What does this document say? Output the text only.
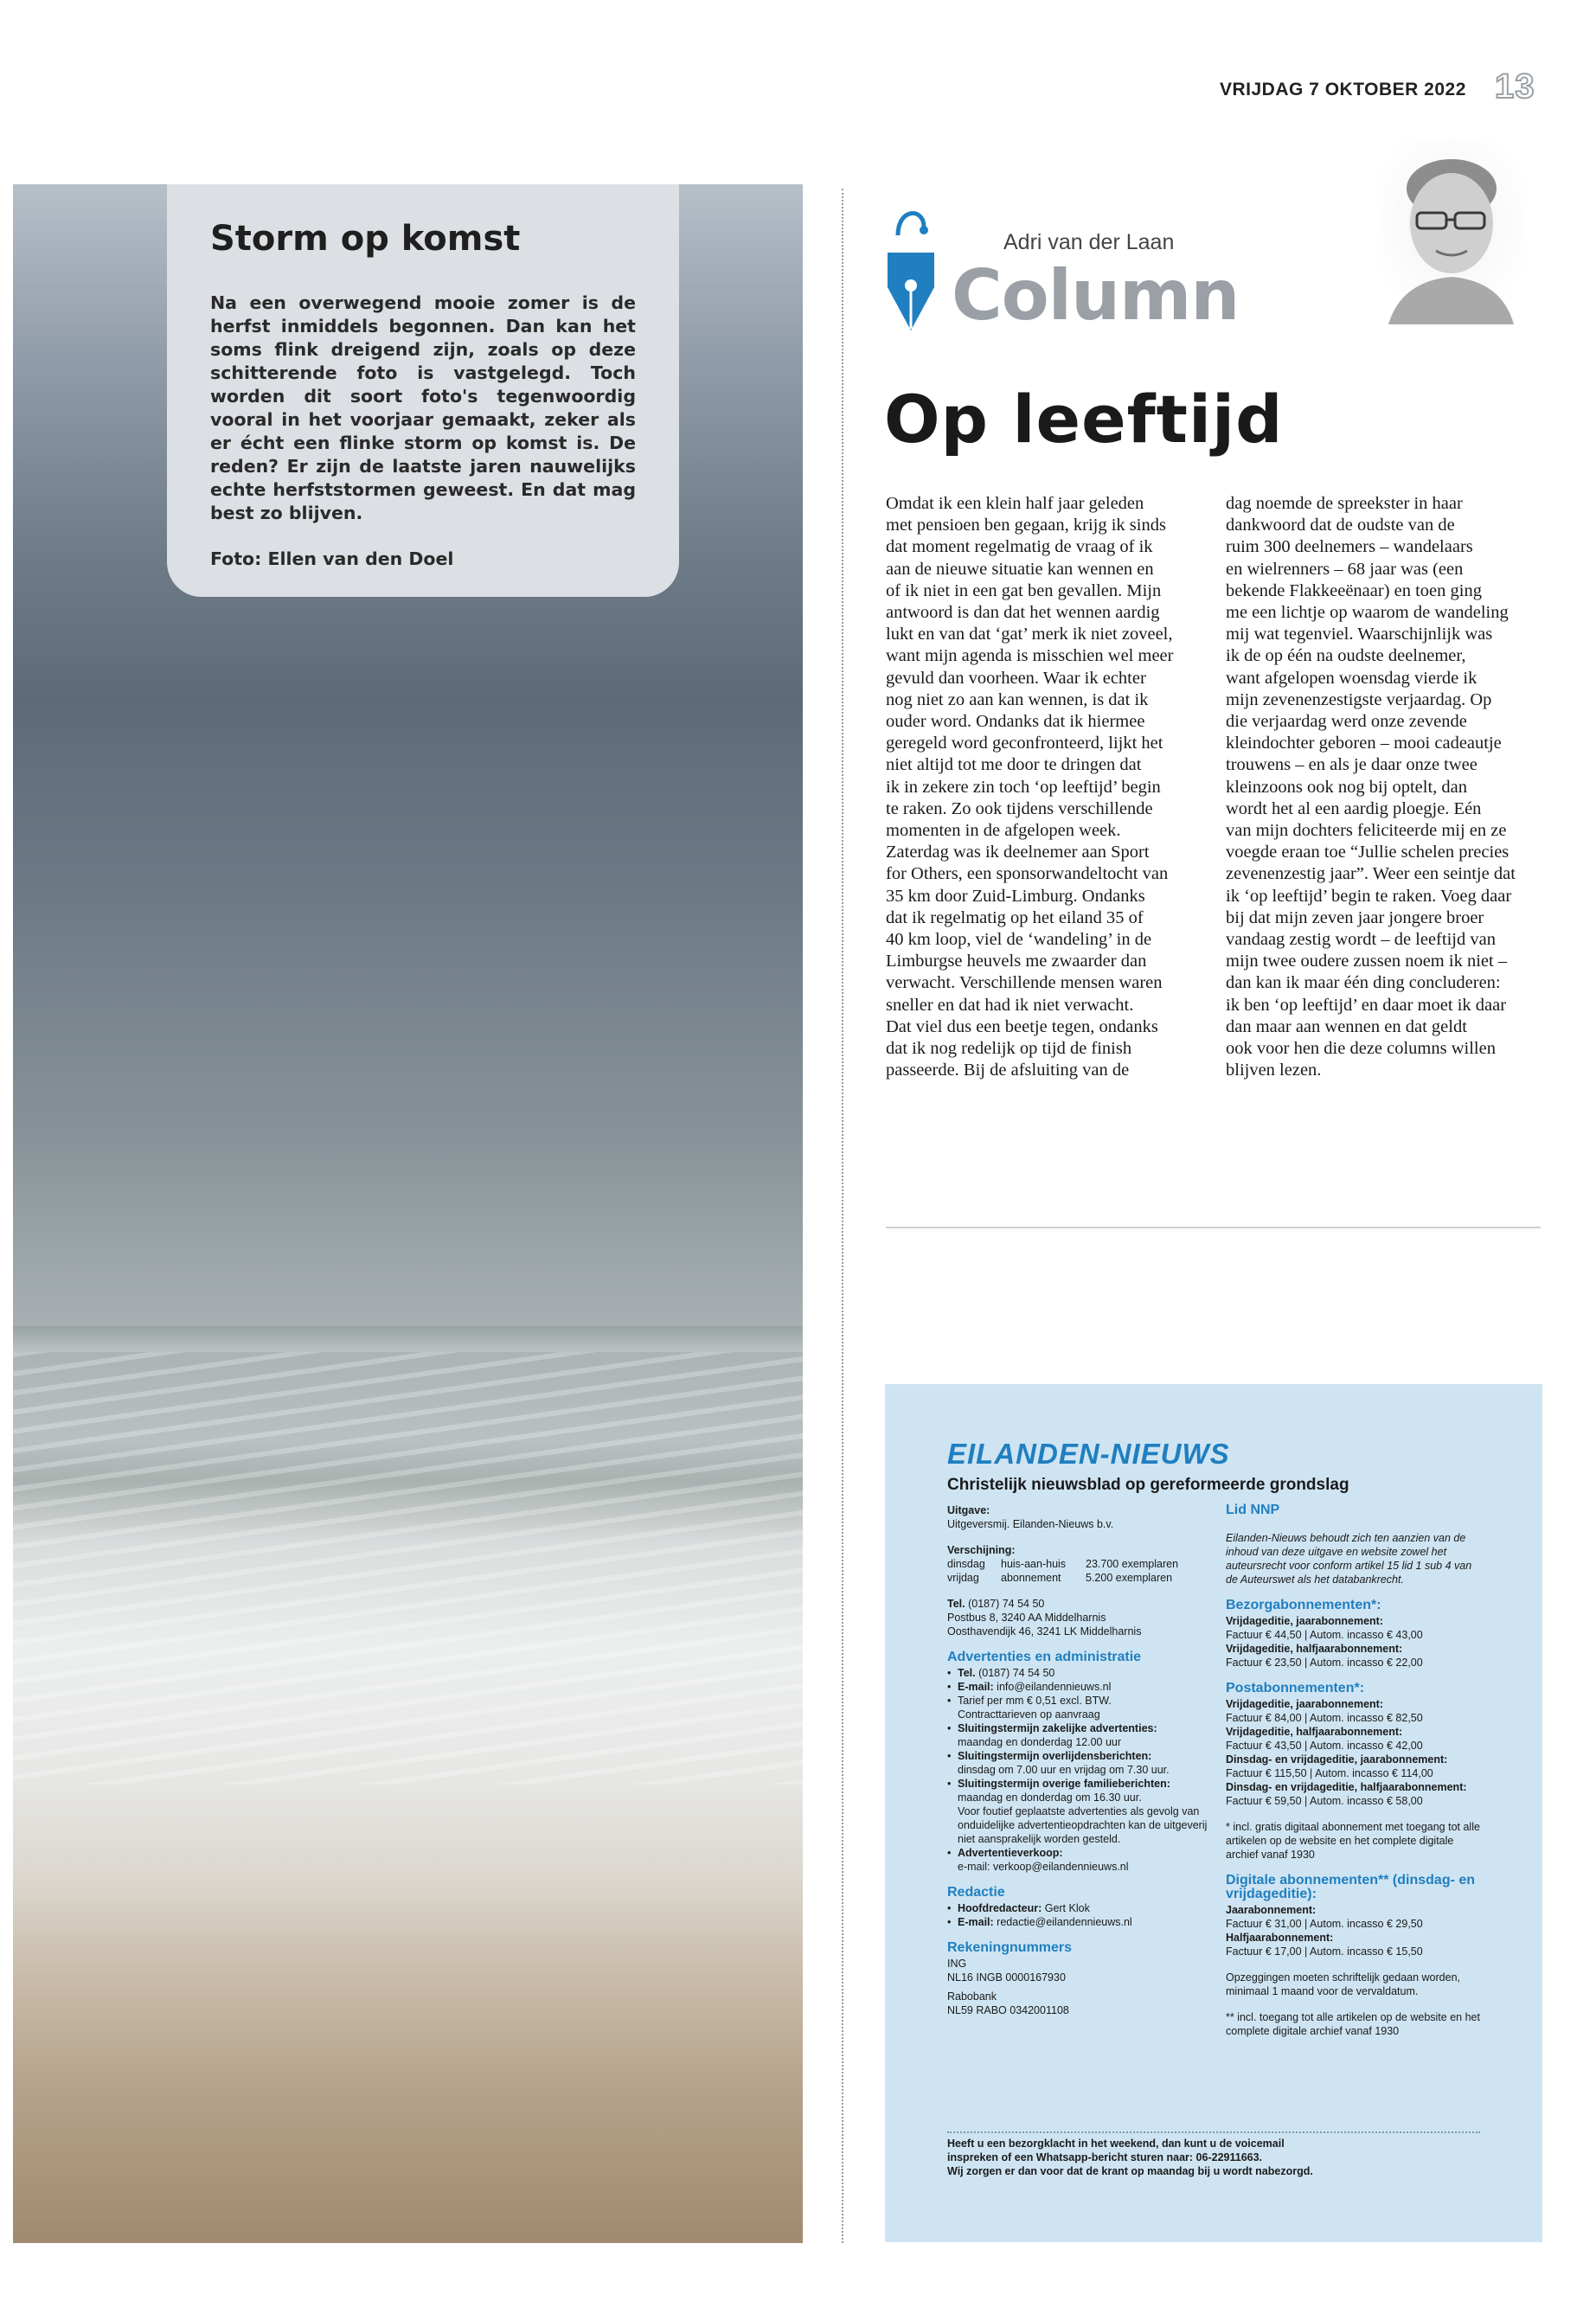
VRIJDAG 7 OKTOBER 2022 13
Storm op komst

Na een overwegend mooie zomer is de herfst inmiddels begonnen. Dan kan het soms flink dreigend zijn, zoals op deze schitterende foto is vastgelegd. Toch worden dit soort foto's tegenwoordig vooral in het voorjaar gemaakt, zeker als er écht een flinke storm op komst is. De reden? Er zijn de laatste jaren nauwelijks echte herfststormen geweest. En dat mag best zo blijven.

Foto: Ellen van den Doel
Adri van der Laan
Column
Op leeftijd

Omdat ik een klein half jaar geleden
met pensioen ben gegaan, krijg ik sinds
dat moment regelmatig de vraag of ik
aan de nieuwe situatie kan wennen en
of ik niet in een gat ben gevallen. Mijn
antwoord is dan dat het wennen aardig
lukt en van dat ‘gat’ merk ik niet zoveel,
want mijn agenda is misschien wel meer
gevuld dan voorheen. Waar ik echter
nog niet zo aan kan wennen, is dat ik
ouder word. Ondanks dat ik hiermee
geregeld word geconfronteerd, lijkt het
niet altijd tot me door te dringen dat
ik in zekere zin toch ‘op leeftijd’ begin
te raken. Zo ook tijdens verschillende
momenten in de afgelopen week.
Zaterdag was ik deelnemer aan Sport
for Others, een sponsorwandeltocht van
35 km door Zuid-Limburg. Ondanks
dat ik regelmatig op het eiland 35 of
40 km loop, viel de ‘wandeling’ in de
Limburgse heuvels me zwaarder dan
verwacht. Verschillende mensen waren
sneller en dat had ik niet verwacht.
Dat viel dus een beetje tegen, ondanks
dat ik nog redelijk op tijd de finish
passeerde. Bij de afsluiting van de

dag noemde de spreekster in haar
dankwoord dat de oudste van de
ruim 300 deelnemers – wandelaars
en wielrenners – 68 jaar was (een
bekende Flakkeeënaar) en toen ging
me een lichtje op waarom de wandeling
mij wat tegenviel. Waarschijnlijk was
ik de op één na oudste deelnemer,
want afgelopen woensdag vierde ik
mijn zevenenzestigste verjaardag. Op
die verjaardag werd onze zevende
kleindochter geboren – mooi cadeautje
trouwens – en als je daar onze twee
kleinzoons ook nog bij optelt, dan
wordt het al een aardig ploegje. Eén
van mijn dochters feliciteerde mij en ze
voegde eraan toe “Jullie schelen precies
zevenenzestig jaar”. Weer een seintje dat
ik ‘op leeftijd’ begin te raken. Voeg daar
bij dat mijn zeven jaar jongere broer
vandaag zestig wordt – de leeftijd van
mijn twee oudere zussen noem ik niet –
dan kan ik maar één ding concluderen:
ik ben ‘op leeftijd’ en daar moet ik daar
dan maar aan wennen en dat geldt
ook voor hen die deze columns willen
blijven lezen.

EILANDEN-NIEUWS
Christelijk nieuwsblad op gereformeerde grondslag
Uitgave:
Uitgeversmij. Eilanden-Nieuws b.v.
Verschijning:
dinsdag huis-aan-huis 23.700 exemplaren
vrijdag abonnement 5.200 exemplaren
Tel. (0187) 74 54 50
Postbus 8, 3240 AA Middelharnis
Oosthavendijk 46, 3241 LK Middelharnis
Advertenties en administratie
• Tel. (0187) 74 54 50
• E-mail: info@eilandennieuws.nl
• Tarief per mm € 0,51 excl. BTW.
Contracttarieven op aanvraag
• Sluitingstermijn zakelijke advertenties:
maandag en donderdag 12.00 uur
• Sluitingstermijn overlijdensberichten:
dinsdag om 7.00 uur en vrijdag om 7.30 uur.
• Sluitingstermijn overige familieberichten:
maandag en donderdag om 16.30 uur.
Voor foutief geplaatste advertenties als gevolg van onduidelijke advertentieopdrachten kan de uitgeverij niet aansprakelijk worden gesteld.
• Advertentieverkoop:
e-mail: verkoop@eilandennieuws.nl
Redactie
• Hoofdredacteur: Gert Klok
• E-mail: redactie@eilandennieuws.nl
Rekeningnummers
ING
NL16 INGB 0000167930
Rabobank
NL59 RABO 0342001108
Lid NNP
Eilanden-Nieuws behoudt zich ten aanzien van de inhoud van deze uitgave en website zowel het auteursrecht voor conform artikel 15 lid 1 sub 4 van de Auteurswet als het databankrecht.
Bezorgabonnementen*:
Vrijdageditie, jaarabonnement:
Factuur € 44,50 | Autom. incasso € 43,00
Vrijdageditie, halfjaarabonnement:
Factuur € 23,50 | Autom. incasso € 22,00
Postabonnementen*:
Vrijdageditie, jaarabonnement:
Factuur € 84,00 | Autom. incasso € 82,50
Vrijdageditie, halfjaarabonnement:
Factuur € 43,50 | Autom. incasso € 42,00
Dinsdag- en vrijdageditie, jaarabonnement:
Factuur € 115,50 | Autom. incasso € 114,00
Dinsdag- en vrijdageditie, halfjaarabonnement:
Factuur € 59,50 | Autom. incasso € 58,00
* incl. gratis digitaal abonnement met toegang tot alle artikelen op de website en het complete digitale archief vanaf 1930
Digitale abonnementen** (dinsdag- en vrijdageditie):
Jaarabonnement:
Factuur € 31,00 | Autom. incasso € 29,50
Halfjaarabonnement:
Factuur € 17,00 | Autom. incasso € 15,50
Opzeggingen moeten schriftelijk gedaan worden, minimaal 1 maand voor de vervaldatum.
** incl. toegang tot alle artikelen op de website en het complete digitale archief vanaf 1930
Heeft u een bezorgklacht in het weekend, dan kunt u de voicemail
inspreken of een Whatsapp-bericht sturen naar: 06-22911663.
Wij zorgen er dan voor dat de krant op maandag bij u wordt nabezorgd.
